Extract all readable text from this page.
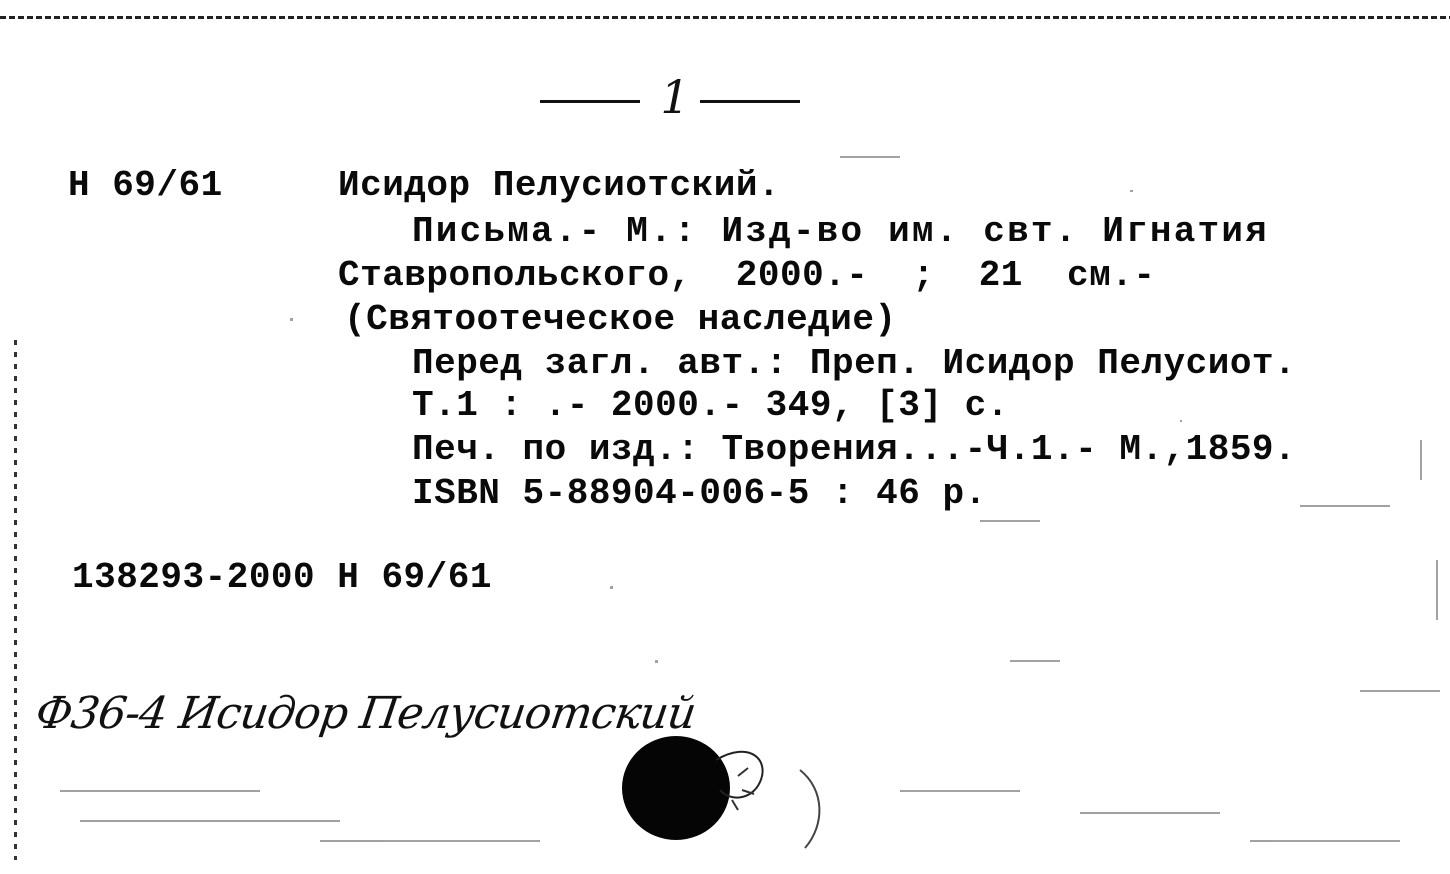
1
Н 69/61	Исидор Пелусиотский.
Письма.- М.: Изд-во им. свт. Игнатия
Ставропольского, 2000.- ; 21 см.-
(Святоотеческое наследие)
Перед загл. авт.: Преп. Исидор Пелусиот.
Т.1 : .- 2000.- 349, [3] с.
Печ. по изд.: Творения...-Ч.1.- М.,1859.
ISBN 5-88904-006-5 : 46 р.
138293-2000 Н 69/61
Ф36-4 Исидор Пелусиотский
